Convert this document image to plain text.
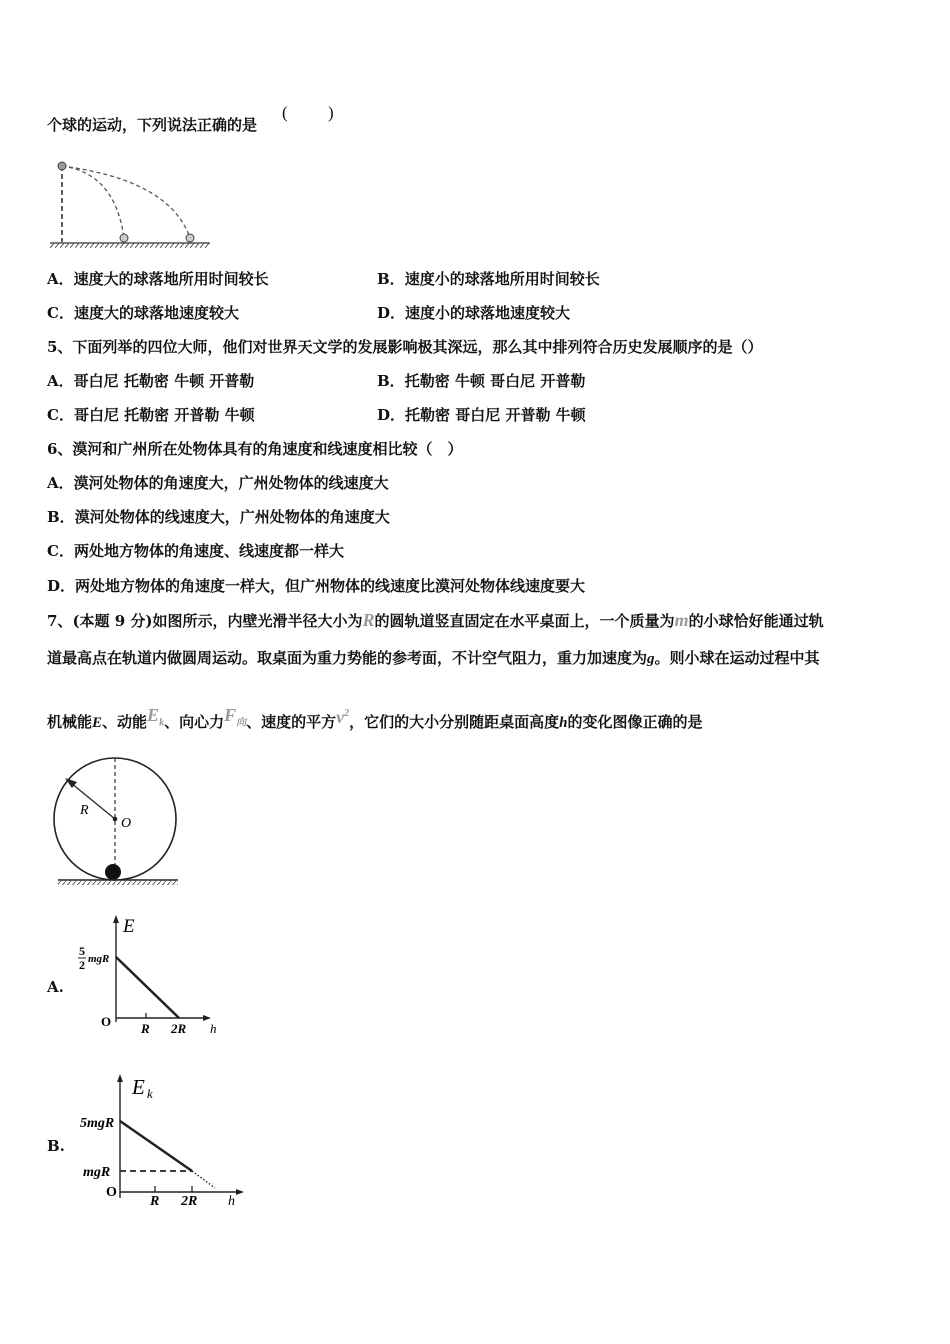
个球的运动，下列说法正确的是
( )
A．速度大的球落地所用时间较长	B．速度小的球落地所用时间较长
C．速度大的球落地速度较大	D．速度小的球落地速度较大
5、下面列举的四位大师，他们对世界天文学的发展影响极其深远，那么其中排列符合历史发展顺序的是（）
A．哥白尼 托勒密 牛顿 开普勒	B．托勒密 牛顿 哥白尼 开普勒
C．哥白尼 托勒密 开普勒 牛顿	D．托勒密 哥白尼 开普勒 牛顿
6、漠河和广州所在处物体具有的角速度和线速度相比较（　）
A．漠河处物体的角速度大，广州处物体的线速度大
B．漠河处物体的线速度大，广州处物体的角速度大
C．两处地方物体的角速度、线速度都一样大
D．两处地方物体的角速度一样大，但广州物体的线速度比漠河处物体线速度要大
7、(本题 9 分)如图所示，内壁光滑半径大小为R的圆轨道竖直固定在水平桌面上，一个质量为m的小球恰好能通过轨
道最高点在轨道内做圆周运动。取桌面为重力势能的参考面，不计空气阻力，重力加速度为g。则小球在运动过程中其
机械能E、动能$E_k$、向心力$F_向$、速度的平方$v^2$，它们的大小分别随距桌面高度h的变化图像正确的是
R
O
A.
E
5
2 mgR
O R 2R h
B.
E k
5mgR
mgR
O
R 2R h
